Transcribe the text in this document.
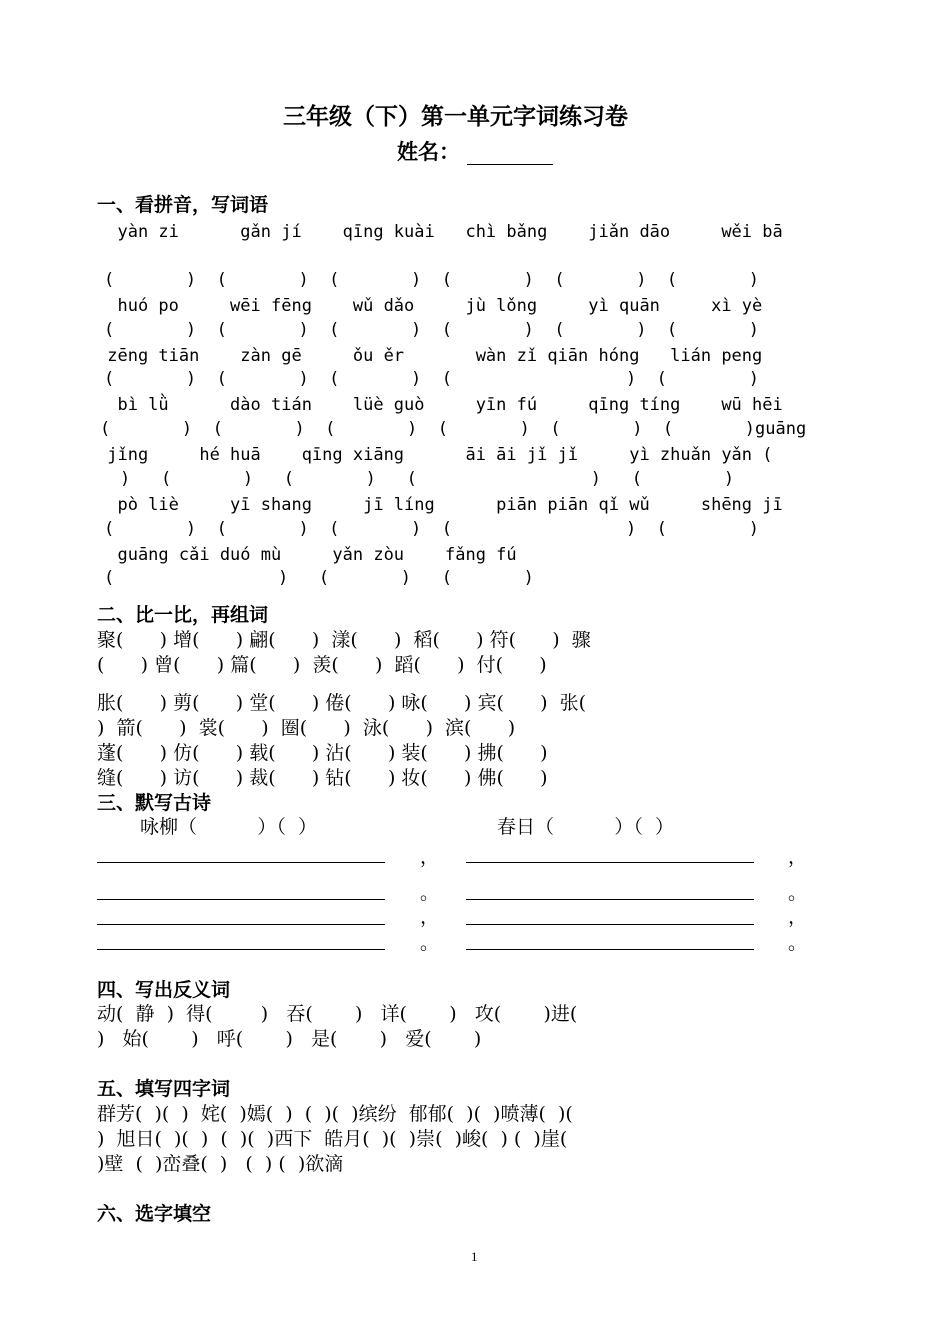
三年级（下）第一单元字词练习卷
姓名：
一、看拼音，写词语
yàn zi      gǎn jí    qīng kuài   chì bǎng    jiǎn dāo     wěi bā
(       )  (       )  (       )  (       )  (       )  (       )
huó po     wēi fēng    wǔ dǎo     jù lǒng     yì quān     xì yè
(       )  (       )  (       )  (       )  (       )  (       )
zēng tiān    zàn gē     ǒu ěr       wàn zǐ qiān hóng   lián peng
(       )  (       )  (       )  (                 )  (        )
bì lǜ      dào tián    lüè guò     yīn fú     qīng tíng    wū hēi
(       )  (       )  (       )  (       )  (       )  (       )guāng
jǐng     hé huā    qīng xiāng      āi āi jǐ jǐ     yì zhuǎn yǎn (
)   (       )   (       )   (                 )   (        )
pò liè     yī shang     jī líng      piān piān qǐ wǔ     shēng jī
(       )  (       )  (       )  (                 )  (        )
guāng cǎi duó mù     yǎn zòu    fǎng fú
(                )   (       )   (       )
二、比一比，再组词
聚(      ) 增(      ) 翩(      )  漾(      )  稻(      ) 符(      )  骤
(      ) 曾(      ) 篇(      )  羡(      )  蹈(      )  付(      )
胀(      ) 剪(      ) 堂(      ) 倦(      ) 咏(      ) 宾(      )  张(
)  箭(      )  裳(      )  圈(      )  泳(      )  滨(      )
蓬(      ) 仿(      ) 载(      ) 沾(      ) 装(      ) 拂(      )
缝(      ) 访(      ) 裁(      ) 钻(      ) 妆(      ) 佛(      )
三、默写古诗
咏柳（          ）（  ）	春日（          ）（  ）
，	，
。	。
，	，
。	。
四、写出反义词
动(  静  )  得(        )   吞(       )   详(       )   攻(       )进(
)   始(       )   呼(       )   是(       )   爱(       )
五、填写四字词
群芳(  )(  )  姹(  )嫣(  )  (  )(  )缤纷  郁郁(  )(  )喷薄(  )(
)  旭日(  )(  )  (  )(  )西下  皓月(  )(  )崇(  )峻(  ) (  )崖(
)壁  (  )峦叠(  )   (  ) (  )欲滴
六、选字填空
1
